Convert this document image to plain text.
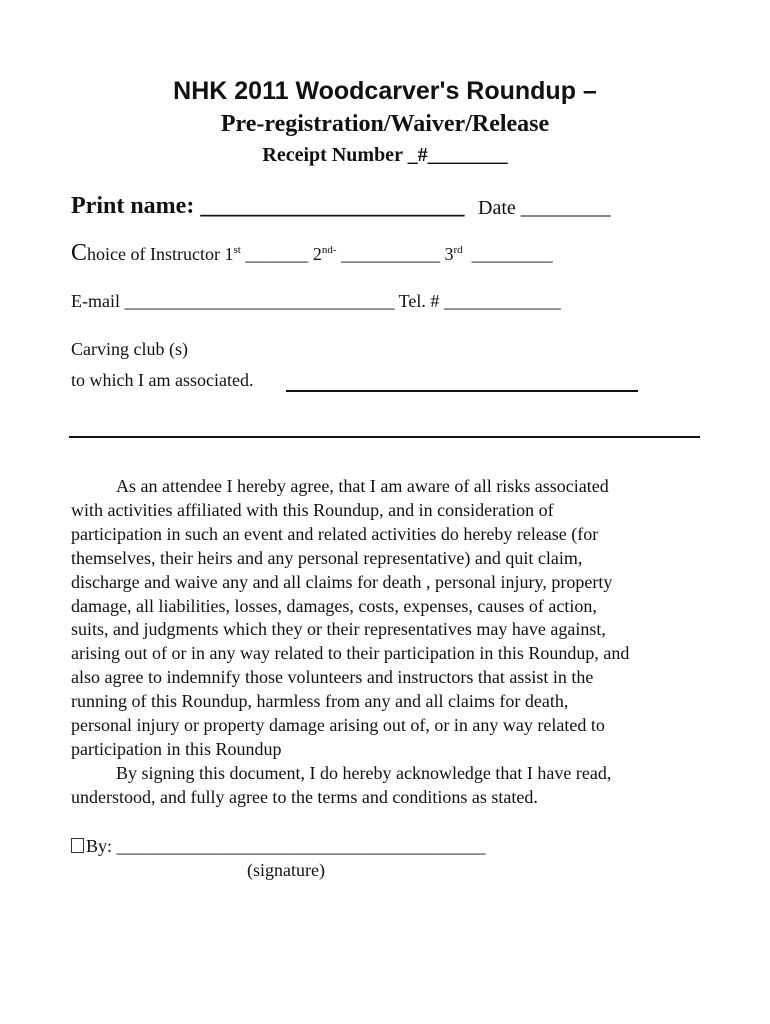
NHK 2011 Woodcarver's Roundup –
Pre-registration/Waiver/Release
Receipt Number _#________
Print name: ______________________ Date _________
Choice of Instructor 1st _______ $2^{nd-}$ ___________ 3rd  _________
E-mail ______________________________ Tel. # _____________
Carving club (s)
to which I am associated.

As an attendee I hereby agree, that I am aware of all risks associated
with activities affiliated with this Roundup, and in consideration of
participation in such an event and related activities do hereby release (for
themselves, their heirs and any personal representative) and quit claim,
discharge and waive any and all claims for death , personal injury, property
damage, all liabilities, losses, damages, costs, expenses, causes of action,
suits, and judgments which they or their representatives may have against,
arising out of or in any way related to their participation in this Roundup, and
also agree to indemnify those volunteers and instructors that assist in the
running of this Roundup, harmless from any and all claims for death,
personal injury or property damage arising out of, or in any way related to
participation in this Roundup

By signing this document, I do hereby acknowledge that I have read,
understood, and fully agree to the terms and conditions as stated.

By: _________________________________________
(signature)
